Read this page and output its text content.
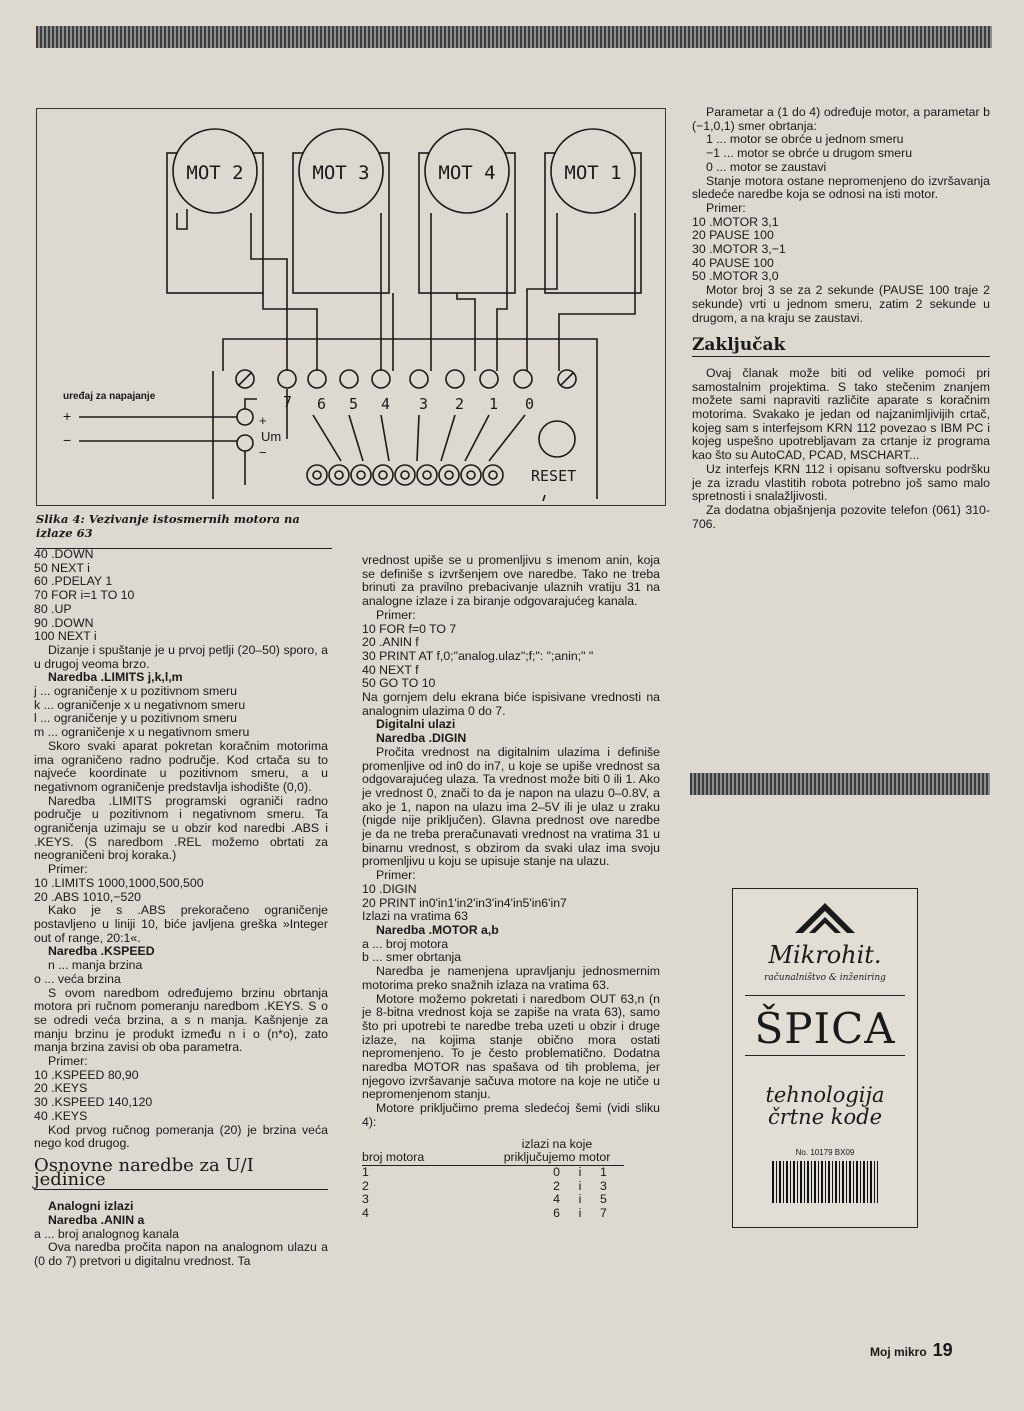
MOT 2	MOT 3	MOT 4	MOT 1
7 6 5 4 3 2 1 0
RESET
uređaj za napajanje
+
−
+
Um
−
Slika 4: Vezivanje istosmernih motora na izlaze 63

40 .DOWN

50 NEXT i

60 .PDELAY 1

70 FOR i=1 TO 10

80 .UP

90 .DOWN

100 NEXT i

Dizanje i spuštanje je u prvoj petlji (20–50) sporo, a u drugoj veoma brzo.

Naredba .LIMITS j,k,l,m

j ... ograničenje x u pozitivnom smeru

k ... ograničenje x u negativnom smeru

l ... ograničenje y u pozitivnom smeru

m ... ograničenje x u negativnom smeru

Skoro svaki aparat pokretan koračnim motorima ima ograničeno radno područje. Kod crtača su to najveće koordinate u pozitivnom smeru, a u negativnom ograničenje predstavlja ishodište (0,0).

Naredba .LIMITS programski ograniči radno područje u pozitivnom i negativnom smeru. Ta ograničenja uzimaju se u obzir kod naredbi .ABS i .KEYS. (S naredbom .REL možemo obrtati za neograničeni broj koraka.)

Primer:

10 .LIMITS 1000,1000,500,500

20 .ABS 1010,−520

Kako je s .ABS prekoračeno ograničenje postavljeno u liniji 10, biće javljena greška »Integer out of range, 20:1«.

Naredba .KSPEED

n ... manja brzina

o ... veća brzina

S ovom naredbom određujemo brzinu obrtanja motora pri ručnom pomeranju naredbom .KEYS. S o se odredi veća brzina, a s n manja. Kašnjenje za manju brzinu je produkt između n i o (n*o), zato manja brzina zavisi ob oba parametra.

Primer:

10 .KSPEED 80,90

20 .KEYS

30 .KSPEED 140,120

40 .KEYS

Kod prvog ručnog pomeranja (20) je brzina veća nego kod drugog.

Osnovne naredbe za U/I jedinice

Analogni izlazi

Naredba .ANIN a

a ... broj analognog kanala

Ova naredba pročita napon na analognom ulazu a (0 do 7) pretvori u digitalnu vrednost. Ta

vrednost upiše se u promenljivu s imenom anin, koja se definiše s izvršenjem ove naredbe. Tako ne treba brinuti za pravilno prebacivanje ulaznih vratiju 31 na analogne izlaze i za biranje odgovarajućeg kanala.

Primer:

10 FOR f=0 TO 7

20 .ANIN f

30 PRINT AT f,0;"analog.ulaz";f;": ";anin;" "

40 NEXT f

50 GO TO 10

Na gornjem delu ekrana biće ispisivane vrednosti na analognim ulazima 0 do 7.

Digitalni ulazi

Naredba .DIGIN

Pročita vrednost na digitalnim ulazima i definiše promenljive od in0 do in7, u koje se upiše vrednost sa odgovarajućeg ulaza. Ta vrednost može biti 0 ili 1. Ako je vrednost 0, znači to da je napon na ulazu 0–0.8V, a ako je 1, napon na ulazu ima 2–5V ili je ulaz u zraku (nigde nije priključen). Glavna prednost ove naredbe je da ne treba preračunavati vrednost na vratima 31 u binarnu vrednost, s obzirom da svaki ulaz ima svoju promenljivu u koju se upisuje stanje na ulazu.

Primer:

10 .DIGIN

20 PRINT in0'in1'in2'in3'in4'in5'in6'in7

Izlazi na vratima 63

Naredba .MOTOR a,b

a ... broj motora

b ... smer obrtanja

Naredba je namenjena upravljanju jednosmernim motorima preko snažnih izlaza na vratima 63.

Motore možemo pokretati i naredbom OUT 63,n (n je 8-bitna vrednost koja se zapiše na vrata 63), samo što pri upotrebi te naredbe treba uzeti u obzir i druge izlaze, na kojima stanje obično mora ostati nepromenjeno. To je često problematično. Dodatna naredba MOTOR nas spašava od tih problema, jer njegovo izvršavanje sačuva motore na koje ne utiče u nepromenjenom stanju.

Motore priključimo prema sledećoj šemi (vidi sliku 4):

	izlazi na koje		
broj motora	priključujemo motor		
1	0	i	1
2	2	i	3
3	4	i	5
4	6	i	7

Parametar a (1 do 4) određuje motor, a parametar b (−1,0,1) smer obrtanja:

1 ... motor se obrće u jednom smeru

−1 ... motor se obrće u drugom smeru

0 ... motor se zaustavi

Stanje motora ostane nepromenjeno do izvršavanja sledeće naredbe koja se odnosi na isti motor.

Primer:

10 .MOTOR 3,1

20 PAUSE 100

30 .MOTOR 3,−1

40 PAUSE 100

50 .MOTOR 3,0

Motor broj 3 se za 2 sekunde (PAUSE 100 traje 2 sekunde) vrti u jednom smeru, zatim 2 sekunde u drugom, a na kraju se zaustavi.

Zaključak

Ovaj članak može biti od velike pomoći pri samostalnim projektima. S tako stečenim znanjem možete sami napraviti različite aparate s koračnim motorima. Svakako je jedan od najzanimljivijih crtač, kojeg sam s interfejsom KRN 112 povezao s IBM PC i kojeg uspešno upotrebljavam za crtanje iz programa kao što su AutoCAD, PCAD, MSCHART...

Uz interfejs KRN 112 i opisanu softversku podršku je za izradu vlastitih robota potrebno još samo malo spretnosti i snalažljivosti.

Za dodatna objašnjenja pozovite telefon (061) 310-706.

Mikrohit.
računalništvo & inženiring
ŠPICA
tehnologija
črtne kode
No. 10179 BX09
Moj mikro 19
